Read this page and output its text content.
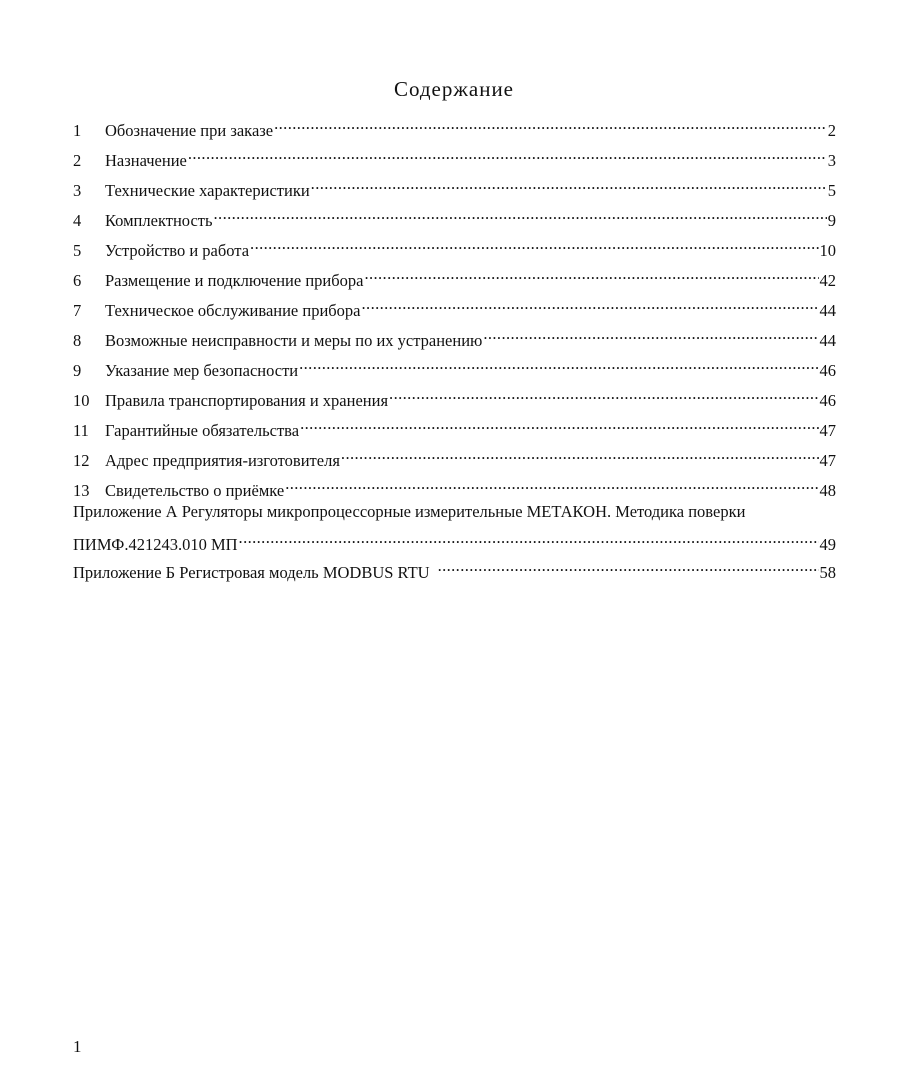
Содержание
1	Обозначение при заказе .....	2
2	Назначение .....	3
3	Технические характеристики .....	5
4	Комплектность .....	9
5	Устройство и работа .....	10
6	Размещение и подключение прибора .....	42
7	Техническое обслуживание прибора .....	44
8	Возможные неисправности и меры по их устранению .....	44
9	Указание мер безопасности .....	46
10 Правила транспортирования и хранения .....	46
11 Гарантийные обязательства .....	47
12 Адрес предприятия-изготовителя .....	47
13 Свидетельство о приёмке .....	48
Приложение А Регуляторы микропроцессорные измерительные МЕТАКОН. Методика поверки
ПИМФ.421243.010 МП .....	49
Приложение Б Регистровая модель MODBUS RTU .....	58

1
